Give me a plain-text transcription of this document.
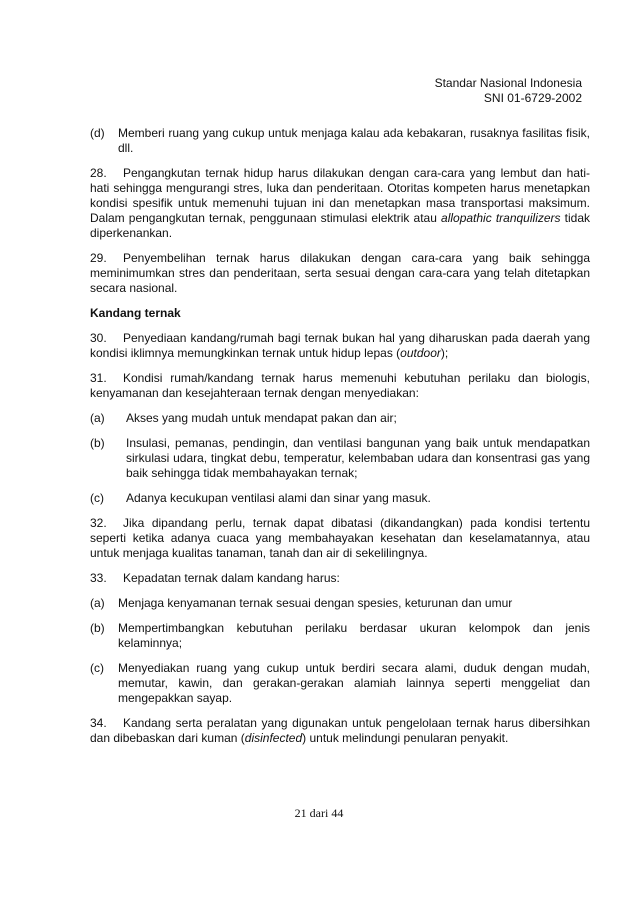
Standar Nasional Indonesia
SNI 01-6729-2002
(d)	Memberi ruang yang cukup untuk menjaga kalau ada kebakaran, rusaknya fasilitas fisik, dll.

28. Pengangkutan ternak hidup harus dilakukan dengan cara-cara yang lembut dan hati-hati sehingga mengurangi stres, luka dan penderitaan. Otoritas kompeten harus menetapkan kondisi spesifik untuk memenuhi tujuan ini dan menetapkan masa transportasi maksimum. Dalam pengangkutan ternak, penggunaan stimulasi elektrik atau allopathic tranquilizers tidak diperkenankan.

29. Penyembelihan ternak harus dilakukan dengan cara-cara yang baik sehingga meminimumkan stres dan penderitaan, serta sesuai dengan cara-cara yang telah ditetapkan secara nasional.

Kandang ternak

30. Penyediaan kandang/rumah bagi ternak bukan hal yang diharuskan pada daerah yang kondisi iklimnya memungkinkan ternak untuk hidup lepas (outdoor);

31. Kondisi rumah/kandang ternak harus memenuhi kebutuhan perilaku dan biologis, kenyamanan dan kesejahteraan ternak dengan menyediakan:

(a)	Akses yang mudah untuk mendapat pakan dan air;
(b)	Insulasi, pemanas, pendingin, dan ventilasi bangunan yang baik untuk mendapatkan sirkulasi udara, tingkat debu, temperatur, kelembaban udara dan konsentrasi gas yang baik sehingga tidak membahayakan ternak;
(c)	Adanya kecukupan ventilasi alami dan sinar yang masuk.

32. Jika dipandang perlu, ternak dapat dibatasi (dikandangkan) pada kondisi tertentu seperti ketika adanya cuaca yang membahayakan kesehatan dan keselamatannya, atau untuk menjaga kualitas tanaman, tanah dan air di sekelilingnya.

33. Kepadatan ternak dalam kandang harus:

(a)	Menjaga kenyamanan ternak sesuai dengan spesies, keturunan dan umur
(b)	Mempertimbangkan kebutuhan perilaku berdasar ukuran kelompok dan jenis kelaminnya;
(c)	Menyediakan ruang yang cukup untuk berdiri secara alami, duduk dengan mudah, memutar, kawin, dan gerakan-gerakan alamiah lainnya seperti menggeliat dan mengepakkan sayap.

34. Kandang serta peralatan yang digunakan untuk pengelolaan ternak harus dibersihkan dan dibebaskan dari kuman (disinfected) untuk melindungi penularan penyakit.

21 dari 44
